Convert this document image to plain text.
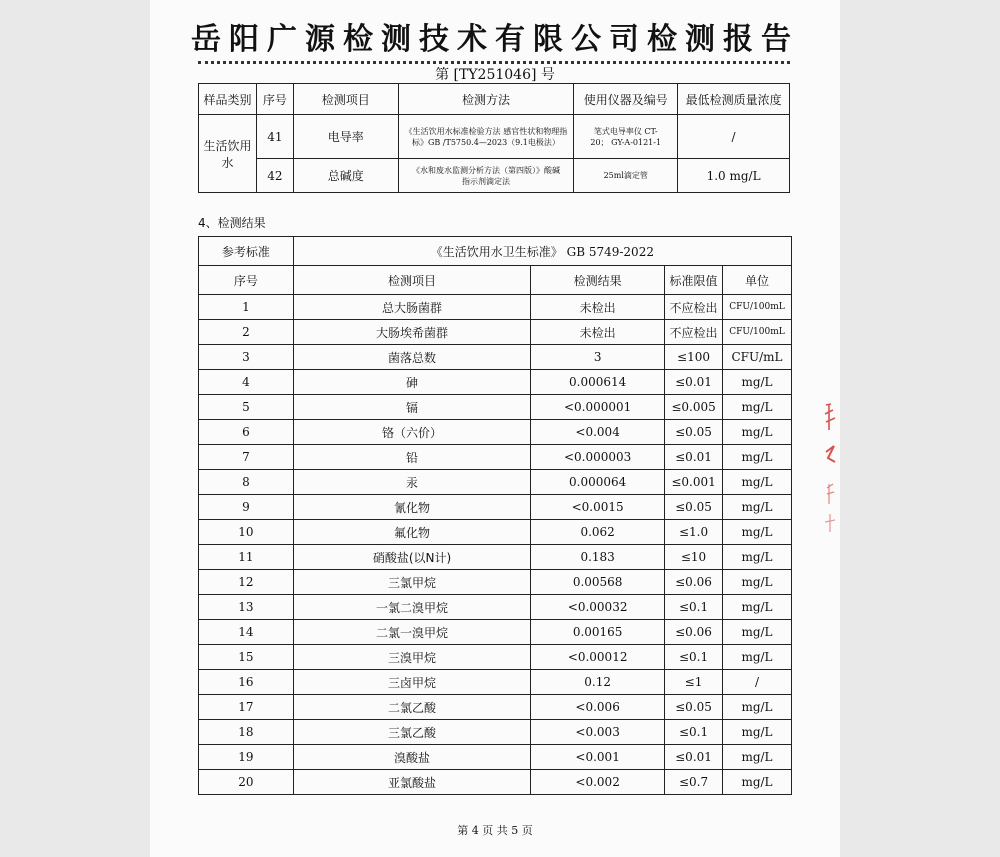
岳阳广源检测技术有限公司检测报告
第 [TY251046] 号
样品类别	序号	检测项目	检测方法	使用仪器及编号	最低检测质量浓度
生活饮用水	41	电导率	《生活饮用水标准检验方法 感官性状和物理指标》GB /T5750.4—2023（9.1电极法）	笔式电导率仪 CT-20； GY-A-0121-1	/
	42	总碱度	《水和废水监测分析方法（第四版）》酸碱指示剂滴定法	25ml滴定管	1.0 mg/L
4、检测结果
参考标准	《生活饮用水卫生标准》 GB 5749-2022			
序号	检测项目	检测结果	标准限值	单位
1	总大肠菌群	未检出	不应检出	CFU/100mL
2	大肠埃希菌群	未检出	不应检出	CFU/100mL
3	菌落总数	3	≤100	CFU/mL
4	砷	0.000614	≤0.01	mg/L
5	镉	<0.000001	≤0.005	mg/L
6	铬（六价）	<0.004	≤0.05	mg/L
7	铅	<0.000003	≤0.01	mg/L
8	汞	0.000064	≤0.001	mg/L
9	氰化物	<0.0015	≤0.05	mg/L
10	氟化物	0.062	≤1.0	mg/L
11	硝酸盐(以N计)	0.183	≤10	mg/L
12	三氯甲烷	0.00568	≤0.06	mg/L
13	一氯二溴甲烷	<0.00032	≤0.1	mg/L
14	二氯一溴甲烷	0.00165	≤0.06	mg/L
15	三溴甲烷	<0.00012	≤0.1	mg/L
16	三卤甲烷	0.12	≤1	/
17	二氯乙酸	<0.006	≤0.05	mg/L
18	三氯乙酸	<0.003	≤0.1	mg/L
19	溴酸盐	<0.001	≤0.01	mg/L
20	亚氯酸盐	<0.002	≤0.7	mg/L
第 4 页 共 5 页
